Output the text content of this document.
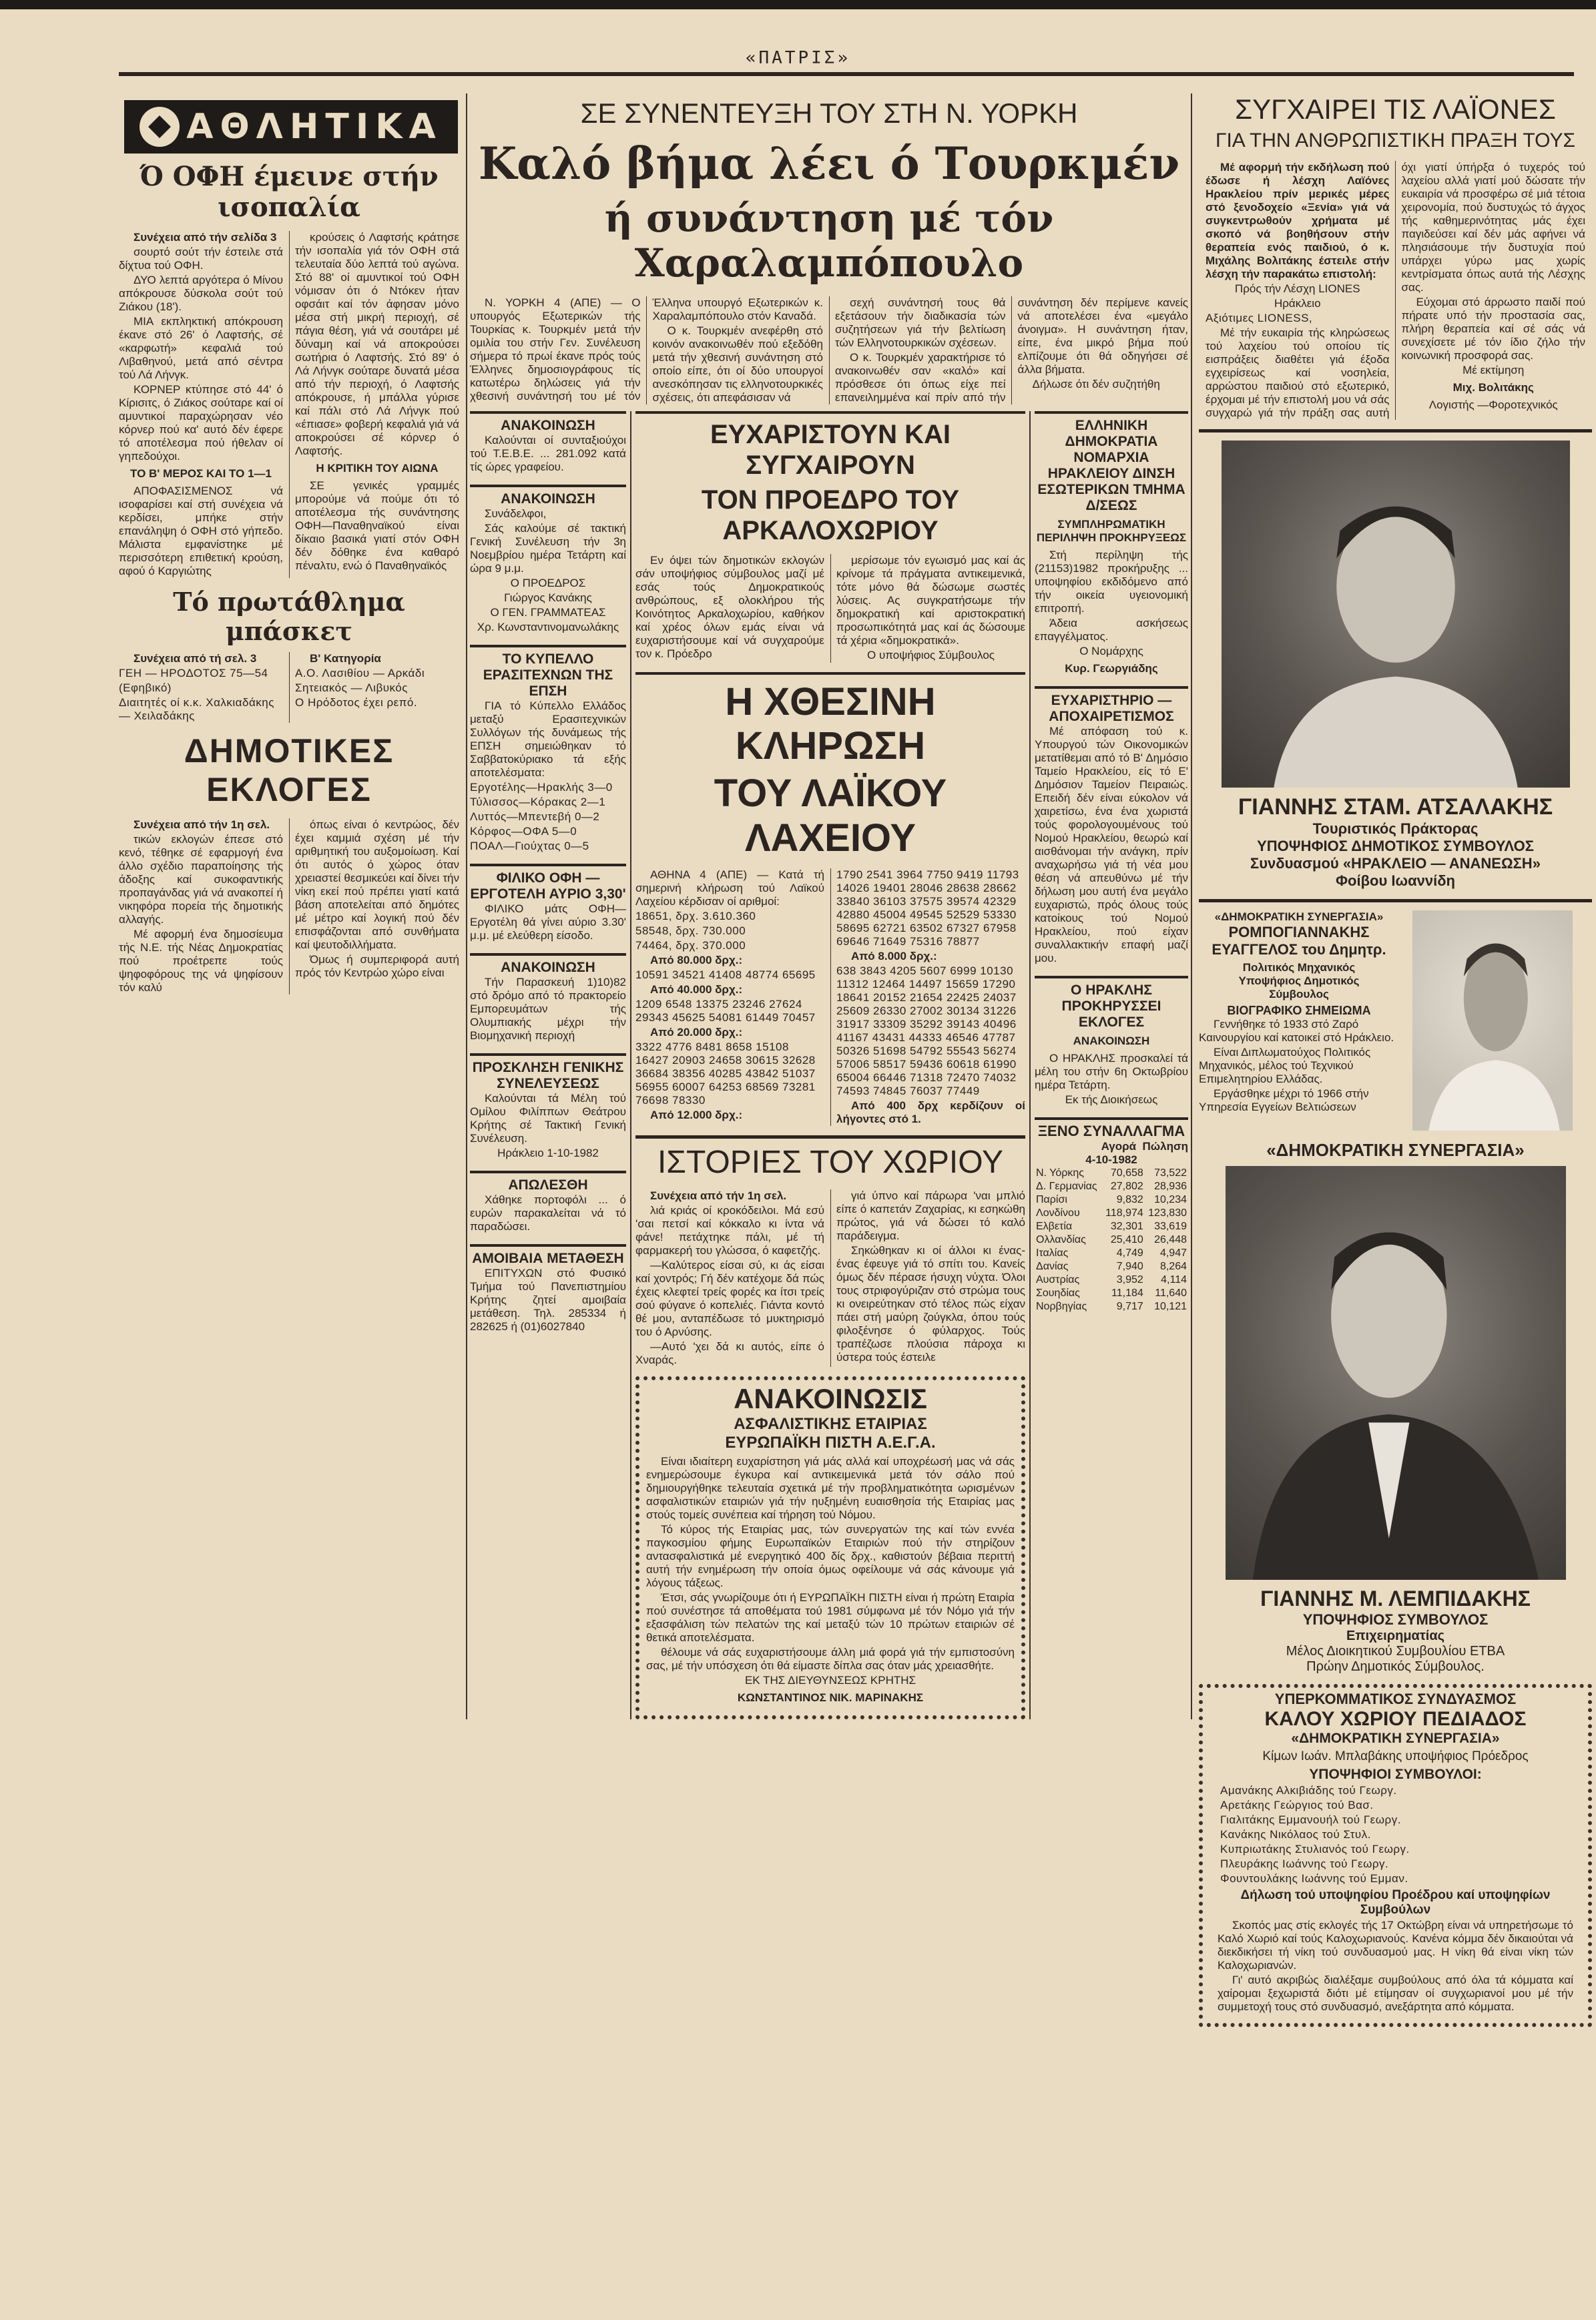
«ΠΑΤΡΙΣ»
ΑΘΛΗΤΙΚΑ
Ό ΟΦΗ έμεινε στήν ισοπαλία

Συνέχεια από τήν σελίδα 3

σουρτό σούτ τήν έστειλε στά δίχτυα τού ΟΦΗ.

ΔΥΟ λεπτά αργότερα ό Μίνου απόκρουσε δύσκολα σούτ τού Ζιάκου (18').

ΜΙΑ εκπληκτική απόκρουση έκανε στό 26' ό Λαφτσής, σέ «καρφωτή» κεφαλιά τού Λιβαθηνού, μετά από σέντρα τού Λά Λήνγκ.

ΚΟΡΝΕΡ κτύπησε στό 44' ό Κίρισιτς, ό Ζιάκος σούταρε καί οί αμυντικοί παραχώρησαν νέο κόρνερ πού κα' αυτό δέν έφερε τό αποτέλεσμα πού ήθελαν οί γηπεδούχοι.

ΤΟ Β' ΜΕΡΟΣ ΚΑΙ ΤΟ 1—1

ΑΠΟΦΑΣΙΣΜΕΝΟΣ νά ισοφαρίσει καί στή συνέχεια νά κερδίσει, μπήκε στήν επανάληψη ό ΟΦΗ στό γήπεδο. Μάλιστα εμφανίστηκε μέ περισσότερη επιθετική κρούση, αφού ό Καργιώτης

κρούσεις ό Λαφτσής κράτησε τήν ισοπαλία γιά τόν ΟΦΗ στά τελευταία δύο λεπτά τού αγώνα. Στό 88' οί αμυντικοί τού ΟΦΗ νόμισαν ότι ό Ντόκεν ήταν οφσάιτ καί τόν άφησαν μόνο μέσα στή μικρή περιοχή, σέ πάγια θέση, γιά νά σουτάρει μέ δύναμη καί νά αποκρούσει σωτήρια ό Λαφτσής. Στό 89' ό Λά Λήνγκ σούταρε δυνατά μέσα από τήν περιοχή, ό Λαφτσής απόκρουσε, ή μπάλλα γύρισε καί πάλι στό Λά Λήνγκ πού «έπιασε» φοβερή κεφαλιά γιά νά αποκρούσει σέ κόρνερ ό Λαφτσής.

Η ΚΡΙΤΙΚΗ ΤΟΥ ΑΙΩΝΑ

ΣΕ γενικές γραμμές μπορούμε νά πούμε ότι τό αποτέλεσμα τής συνάντησης ΟΦΗ—Παναθηναϊκού είναι δίκαιο βασικά γιατί στόν ΟΦΗ δέν δόθηκε ένα καθαρό πέναλτυ, ενώ ό Παναθηναϊκός

Τό πρωτάθλημα μπάσκετ

Συνέχεια από τή σελ. 3

ΓΕΗ — ΗΡΟΔΟΤΟΣ 75—54

(Εφηβικό)

Διαιτητές οί κ.κ. Χαλκιαδάκης — Χειλαδάκης

Β' Κατηγορία

Α.Ο. Λασιθίου — Αρκάδι

Σητειακός — Λιβυκός

Ο Ηρόδοτος έχει ρεπό.

ΔΗΜΟΤΙΚΕΣ ΕΚΛΟΓΕΣ

Συνέχεια από τήν 1η σελ.

τικών εκλογών έπεσε στό κενό, τέθηκε σέ εφαρμογή ένα άλλο σχέδιο παραποίησης τής άδοξης καί συκοφαντικής προπαγάνδας γιά νά ανακοπεί ή νικηφόρα πορεία τής δημοτικής αλλαγής.

Μέ αφορμή ένα δημοσίευμα τής Ν.Ε. τής Νέας Δημοκρατίας πού προέτρεπε τούς ψηφοφόρους της νά ψηφίσουν τόν καλύ

όπως είναι ό κεντρώος, δέν έχει καμμιά σχέση μέ τήν αριθμητική του αυξομοίωση. Καί ότι αυτός ό χώρος όταν χρειαστεί θεσμικεύει καί δίνει τήν νίκη εκεί πού πρέπει γιατί κατά βάση αποτελείται από δημότες μέ μέτρο καί λογική πού δέν επισφάζονται από συνθήματα καί ψευτοδιλλήματα.

Όμως ή συμπεριφορά αυτή πρός τόν Κεντρώο χώρο είναι

ΣΕ ΣΥΝΕΝΤΕΥΞΗ ΤΟΥ ΣΤΗ Ν. ΥΟΡΚΗ
Καλό βήμα λέει ό Τουρκμέν
ή συνάντηση μέ τόν Χαραλαμπόπουλο

Ν. ΥΟΡΚΗ 4 (ΑΠΕ) — Ο υπουργός Εξωτερικών τής Τουρκίας κ. Τουρκμέν μετά τήν ομιλία του στήν Γεν. Συνέλευση σήμερα τό πρωί έκανε πρός τούς Έλληνες δημοσιογράφους τίς κατωτέρω δηλώσεις γιά τήν χθεσινή συνάντησή του μέ τόν Έλληνα υπουργό Εξωτερικών κ. Χαραλαμπόπουλο στόν Καναδά.

Ο κ. Τουρκμέν ανεφέρθη στό κοινόν ανακοινωθέν πού εξεδόθη μετά τήν χθεσινή συνάντηση στό οποίο είπε, ότι οί δύο υπουργοί ανεσκόπησαν τις ελληνοτουρκικές σχέσεις, ότι απεφάσισαν νά

σεχή συνάντησή τους θά εξετάσουν τήν διαδικασία τών συζητήσεων γιά τήν βελτίωση τών Ελληνοτουρκικών σχέσεων.

Ο κ. Τουρκμέν χαρακτήρισε τό ανακοινωθέν σαν «καλό» καί πρόσθεσε ότι όπως είχε πεί επανειλημμένα καί πρίν από τήν συνάντηση δέν περίμενε κανείς νά αποτελέσει ένα «μεγάλο άνοιγμα». Η συνάντηση ήταν, είπε, ένα μικρό βήμα πού ελπίζουμε ότι θά οδηγήσει σέ άλλα βήματα.

Δήλωσε ότι δέν συζητήθη

ΑΝΑΚΟΙΝΩΣΗ

Καλούνται οί συνταξιούχοι τού Τ.Ε.Β.Ε. ... 281.092 κατά τίς ώρες γραφείου.

ΑΝΑΚΟΙΝΩΣΗ

Συνάδελφοι,

Σάς καλούμε σέ τακτική Γενική Συνέλευση τήν 3η Νοεμβρίου ημέρα Τετάρτη καί ώρα 9 μ.μ.

Ο ΠΡΟΕΔΡΟΣ

Γιώργος Κανάκης

Ο ΓΕΝ. ΓΡΑΜΜΑΤΕΑΣ

Χρ. Κωνσταντινομανωλάκης

ΤΟ ΚΥΠΕΛΛΟ ΕΡΑΣΙΤΕΧΝΩΝ ΤΗΣ ΕΠΣΗ

ΓΙΑ τό Κύπελλο Ελλάδος μεταξύ Ερασιτεχνικών Συλλόγων τής δυνάμεως τής ΕΠΣΗ σημειώθηκαν τό Σαββατοκύριακο τά εξής αποτελέσματα:

Εργοτέλης—Ηρακλής 3—0

Τύλισσος—Κόρακας 2—1

Λυττός—Μπεντεβή 0—2

Κόρφος—ΟΦΑ 5—0

ΠΟΑΛ—Γιούχτας 0—5

ΦΙΛΙΚΟ ΟΦΗ — ΕΡΓΟΤΕΛΗ ΑΥΡΙΟ 3,30'

ΦΙΛΙΚΟ μάτς ΟΦΗ—Εργοτέλη θά γίνει αύριο 3.30' μ.μ. μέ ελεύθερη είσοδο.

ΑΝΑΚΟΙΝΩΣΗ

Τήν Παρασκευή 1)10)82 στό δρόμο από τό πρακτορείο Εμπορευμάτων τής Ολυμπιακής μέχρι τήν Βιομηχανική περιοχή

ΠΡΟΣΚΛΗΣΗ ΓΕΝΙΚΗΣ ΣΥΝΕΛΕΥΣΕΩΣ

Καλούνται τά Μέλη τού Ομίλου Φιλίππων Θεάτρου Κρήτης σέ Τακτική Γενική Συνέλευση.

Ηράκλειο 1-10-1982

ΑΠΩΛΕΣΘΗ

Χάθηκε πορτοφόλι ... ό ευρών παρακαλείται νά τό παραδώσει.

ΑΜΟΙΒΑΙΑ ΜΕΤΑΘΕΣΗ

ΕΠΙΤΥΧΩΝ στό Φυσικό Τμήμα τού Πανεπιστημίου Κρήτης ζητεί αμοιβαία μετάθεση. Τηλ. 285334 ή 282625 ή (01)6027840

ΕΥΧΑΡΙΣΤΟΥΝ ΚΑΙ ΣΥΓΧΑΙΡΟΥΝ
ΤΟΝ ΠΡΟΕΔΡΟ ΤΟΥ ΑΡΚΑΛΟΧΩΡΙΟΥ

Εν όψει τών δημοτικών εκλογών σάν υποψήφιος σύμβουλος μαζί μέ εσάς τούς Δημοκρατικούς ανθρώπους, εξ ολοκλήρου τής Κοινότητος Αρκαλοχωρίου, καθήκον καί χρέος όλων εμάς είναι νά ευχαριστήσουμε καί νά συγχαρούμε τον κ. Πρόεδρο

μερίσωμε τόν εγωισμό μας καί άς κρίνομε τά πράγματα αντικειμενικά, τότε μόνο θά δώσωμε σωστές λύσεις. Ας συγκρατήσωμε τήν δημοκρατική καί αριστοκρατική προσωπικότητά μας καί άς δώσουμε τά χέρια «δημοκρατικά».

Ο υποψήφιος Σύμβουλος

Η ΧΘΕΣΙΝΗ ΚΛΗΡΩΣΗ
ΤΟΥ ΛΑΪΚΟΥ ΛΑΧΕΙΟΥ

ΑΘΗΝΑ 4 (ΑΠΕ) — Κατά τή σημερινή κλήρωση τού Λαϊκού Λαχείου κέρδισαν οί αριθμοί:

18651, δρχ. 3.610.360

58548, δρχ. 730.000

74464, δρχ. 370.000

Από 80.000 δρχ.:

10591 34521 41408 48774 65695

Από 40.000 δρχ.:

1209 6548 13375 23246 27624 29343 45625 54081 61449 70457

Από 20.000 δρχ.:

3322 4776 8481 8658 15108 16427 20903 24658 30615 32628 36684 38356 40285 43842 51037 56955 60007 64253 68569 73281 76698 78330

Από 12.000 δρχ.:

1790 2541 3964 7750 9419 11793 14026 19401 28046 28638 28662 33840 36103 37575 39574 42329 42880 45004 49545 52529 53330 58695 62721 63502 67327 67958 69646 71649 75316 78877

Από 8.000 δρχ.:

638 3843 4205 5607 6999 10130 11312 12464 14497 15659 17290 18641 20152 21654 22425 24037 25609 26330 27002 30134 31226 31917 33309 35292 39143 40496 41167 43431 44333 46546 47787 50326 51698 54792 55543 56274 57006 58517 59436 60618 61990 65004 66446 71318 72470 74032 74593 74845 76037 77449

Από 400 δρχ κερδίζουν οί λήγοντες στό 1.

ΙΣΤΟΡΙΕΣ ΤΟΥ ΧΩΡΙΟΥ

Συνέχεια από τήν 1η σελ.

λιά κριάς οί κροκόδειλοι. Μά εσύ 'σαι πετσί καί κόκκαλο κι ίντα νά φάνε! πετάχτηκε πάλι, μέ τή φαρμακερή του γλώσσα, ό καφετζής.

—Καλύτερος είσαι σύ, κι άς είσαι καί χοντρός; Γή δέν κατέχομε δά πώς έχεις κλεφτεί τρείς φορές κα ίτσι τρείς σού φύγανε ό κοπελιές. Γιάντα κοντό θέ μου, ανταπέδωσε τό μυκτηρισμό του ό Αρνύσης.

—Αυτό 'χει δά κι αυτός, είπε ό Χναράς.

γιά ύπνο καί πάρωρα 'ναι μπλιό είπε ό καπετάν Ζαχαρίας, κι εσηκώθη πρώτος, γιά νά δώσει τό καλό παράδειγμα.

Σηκώθηκαν κι οί άλλοι κι ένας-ένας έφευγε γιά τό σπίτι του. Κανείς όμως δέν πέρασε ήσυχη νύχτα. Όλοι τους στριφογύριζαν στό στρώμα τους κι ονειρεύτηκαν στό τέλος πώς είχαν πάει στή μαύρη ζούγκλα, όπου τούς φιλοξένησε ό φύλαρχος. Τούς τραπέζωσε πλούσια πάροχα κι ύστερα τούς έστειλε

ΑΝΑΚΟΙΝΩΣΙΣ
ΑΣΦΑΛΙΣΤΙΚΗΣ ΕΤΑΙΡΙΑΣ
ΕΥΡΩΠΑΪΚΗ ΠΙΣΤΗ Α.Ε.Γ.Α.

Είναι ιδιαίτερη ευχαρίστηση γιά μάς αλλά καί υποχρέωσή μας νά σάς ενημερώσουμε έγκυρα καί αντικειμενικά μετά τόν σάλο πού δημιουργήθηκε τελευταία σχετικά μέ τήν προβληματικότητα ωρισμένων ασφαλιστικών εταιριών γιά τήν ηυξημένη ευαισθησία τής Εταιρίας μας στούς τομείς συνέπεια καί τήρηση τού Νόμου.

Τό κύρος τής Εταιρίας μας, τών συνεργατών της καί τών εννέα παγκοσμίου φήμης Ευρωπαϊκών Εταιριών πού τήν στηρίζουν αντασφαλιστικά μέ ενεργητικό 400 δίς δρχ., καθιστούν βέβαια περιττή αυτή τήν ενημέρωση τήν οποία όμως οφείλουμε νά σάς κάνουμε γιά λόγους τάξεως.

Έτσι, σάς γνωρίζουμε ότι ή ΕΥΡΩΠΑΪΚΗ ΠΙΣΤΗ είναι ή πρώτη Εταιρία πού συνέστησε τά αποθέματα τού 1981 σύμφωνα μέ τόν Νόμο γιά τήν εξασφάλιση τών πελατών της καί μεταξύ τών 10 πρώτων εταιριών σέ θετικά αποτελέσματα.

θέλουμε νά σάς ευχαριστήσουμε άλλη μιά φορά γιά τήν εμπιστοσύνη σας, μέ τήν υπόσχεση ότι θά είμαστε δίπλα σας όταν μάς χρειασθήτε.

ΕΚ ΤΗΣ ΔΙΕΥΘΥΝΣΕΩΣ ΚΡΗΤΗΣ

ΚΩΝΣΤΑΝΤΙΝΟΣ ΝΙΚ. ΜΑΡΙΝΑΚΗΣ

ΕΛΛΗΝΙΚΗ ΔΗΜΟΚΡΑΤΙΑ ΝΟΜΑΡΧΙΑ ΗΡΑΚΛΕΙΟΥ ΔΙΝΣΗ ΕΣΩΤΕΡΙΚΩΝ ΤΜΗΜΑ Δ/ΣΕΩΣ

ΣΥΜΠΛΗΡΩΜΑΤΙΚΗ ΠΕΡΙΛΗΨΗ ΠΡΟΚΗΡΥΞΕΩΣ

Στή περίληψη τής (21153)1982 προκήρυξης ... υποψηφίου εκδιδόμενο από τήν οικεία υγειονομική επιτροπή.

Άδεια ασκήσεως επαγγέλματος.

Ο Νομάρχης

Κυρ. Γεωργιάδης

ΕΥΧΑΡΙΣΤΗΡΙΟ — ΑΠΟΧΑΙΡΕΤΙΣΜΟΣ

Μέ απόφαση τού κ. Υπουργού τών Οικονομικών μετατίθεμαι από τό Β' Δημόσιο Ταμείο Ηρακλείου, είς τό Ε' Δημόσιον Ταμείον Πειραιώς. Επειδή δέν είναι εύκολον νά χαιρετίσω, ένα ένα χωριστά τούς φορολογουμένους τού Νομού Ηρακλείου, θεωρώ καί αισθάνομαι τήν ανάγκη, πρίν αναχωρήσω γιά τή νέα μου θέση νά απευθύνω μέ τήν δήλωση μου αυτή ένα μεγάλο ευχαριστώ, πρός όλους τούς κατοίκους τού Νομού Ηρακλείου, πού είχαν συναλλακτικήν επαφή μαζί μου.

Ο ΗΡΑΚΛΗΣ ΠΡΟΚΗΡΥΣΣΕΙ ΕΚΛΟΓΕΣ

ΑΝΑΚΟΙΝΩΣΗ

Ο ΗΡΑΚΛΗΣ προσκαλεί τά μέλη του στήν 6η Οκτωβρίου ημέρα Τετάρτη.

Εκ τής Διοικήσεως

ΞΕΝΟ ΣΥΝΑΛΛΑΓΜΑ
Αγορά Πώληση
4-10-1982
Ν. Υόρκης	70,658	73,522
Δ. Γερμανίας	27,802	28,936
Παρίσι	9,832	10,234
Λονδίνου	118,974	123,830
Ελβετία	32,301	33,619
Ολλανδίας	25,410	26,448
Ιταλίας	4,749	4,947
Δανίας	7,940	8,264
Αυστρίας	3,952	4,114
Σουηδίας	11,184	11,640
Νορβηγίας	9,717	10,121
ΣΥΓΧΑΙΡΕΙ ΤΙΣ ΛΑΪΟΝΕΣ
ΓΙΑ ΤΗΝ ΑΝΘΡΩΠΙΣΤΙΚΗ ΠΡΑΞΗ ΤΟΥΣ

Μέ αφορμή τήν εκδήλωση πού έδωσε ή λέσχη Λαϊόνες Ηρακλείου πρίν μερικές μέρες στό ξενοδοχείο «Ξενία» γιά νά συγκεντρωθούν χρήματα μέ σκοπό νά βοηθήσουν στήν θεραπεία ενός παιδιού, ό κ. Μιχάλης Βολιτάκης έστειλε στήν λέσχη τήν παρακάτω επιστολή:

Πρός τήν Λέσχη LIONES

Ηράκλειο

Αξιότιμες LIONESS,

Μέ τήν ευκαιρία τής κληρώσεως τού λαχείου τού οποίου τίς εισπράξεις διαθέτει γιά έξοδα εγχειρίσεως καί νοσηλεία, αρρώστου παιδιού στό εξωτερικό, έρχομαι μέ τήν επιστολή μου νά σάς συγχαρώ γιά τήν πράξη σας αυτή όχι γιατί ύπήρξα ό τυχερός τού λαχείου αλλά γιατί μού δώσατε τήν ευκαιρία νά προσφέρω σέ μιά τέτοια χειρονομία, πού δυστυχώς τό άγχος τής καθημερινότητας μάς έχει παγιδεύσει καί δέν μάς αφήνει νά πλησιάσουμε τήν δυστυχία πού υπάρχει γύρω μας χωρίς κεντρίσματα όπως αυτά τής Λέσχης σας.

Εύχομαι στό άρρωστο παιδί πού πήρατε υπό τήν προστασία σας, πλήρη θεραπεία καί σέ σάς νά συνεχίσετε μέ τόν ίδιο ζήλο τήν κοινωνική προσφορά σας.

Μέ εκτίμηση

Μιχ. Βολιτάκης

Λογιστής —Φοροτεχνικός

ΓΙΑΝΝΗΣ ΣΤΑΜ. ΑΤΣΑΛΑΚΗΣ
Τουριστικός Πράκτορας
ΥΠΟΨΗΦΙΟΣ ΔΗΜΟΤΙΚΟΣ ΣΥΜΒΟΥΛΟΣ
Συνδυασμού «ΗΡΑΚΛΕΙΟ — ΑΝΑΝΕΩΣΗ»
Φοίβου Ιωαννίδη
«ΔΗΜΟΚΡΑΤΙΚΗ ΣΥΝΕΡΓΑΣΙΑ»
ΡΟΜΠΟΓΙΑΝΝΑΚΗΣ
ΕΥΑΓΓΕΛΟΣ του Δημητρ.
Πολιτικός Μηχανικός
Υποψήφιος Δημοτικός
Σύμβουλος
ΒΙΟΓΡΑΦΙΚΟ ΣΗΜΕΙΩΜΑ

Γεννήθηκε τό 1933 στό Ζαρό Καινουργίου καί κατοικεί στό Ηράκλειο.

Είναι Διπλωματούχος Πολιτικός Μηχανικός, μέλος τού Τεχνικού Επιμελητηρίου Ελλάδας.

Εργάσθηκε μέχρι τό 1966 στήν Υπηρεσία Εγγείων Βελτιώσεων

«ΔΗΜΟΚΡΑΤΙΚΗ ΣΥΝΕΡΓΑΣΙΑ»
ΓΙΑΝΝΗΣ Μ. ΛΕΜΠΙΔΑΚΗΣ
ΥΠΟΨΗΦΙΟΣ ΣΥΜΒΟΥΛΟΣ
Επιχειρηματίας
Μέλος Διοικητικού Συμβουλίου ΕΤΒΑ
Πρώην Δημοτικός Σύμβουλος.
ΥΠΕΡΚΟΜΜΑΤΙΚΟΣ ΣΥΝΔΥΑΣΜΟΣ
ΚΑΛΟΥ ΧΩΡΙΟΥ ΠΕΔΙΑΔΟΣ
«ΔΗΜΟΚΡΑΤΙΚΗ ΣΥΝΕΡΓΑΣΙΑ»
Κίμων Ιωάν. Μπλαβάκης υποψήφιος Πρόεδρος
ΥΠΟΨΗΦΙΟΙ ΣΥΜΒΟΥΛΟΙ:

Αμανάκης Αλκιβιάδης τού Γεωργ.

Αρετάκης Γεώργιος τού Βασ.

Γιαλιτάκης Εμμανουήλ τού Γεωργ.

Κανάκης Νικόλαος τού Στυλ.

Κυπριωτάκης Στυλιανός τού Γεωργ.

Πλευράκης Ιωάννης τού Γεωργ.

Φουντουλάκης Ιωάννης τού Εμμαν.

Δήλωση τού υποψηφίου Προέδρου καί υποψηφίων Συμβούλων

Σκοπός μας στίς εκλογές τής 17 Οκτώβρη είναι νά υπηρετήσωμε τό Καλό Χωριό καί τούς Καλοχωριανούς. Κανένα κόμμα δέν δικαιούται νά διεκδικήσει τή νίκη τού συνδυασμού μας. Η νίκη θά είναι νίκη τών Καλοχωριανών.

Γι' αυτό ακριβώς διαλέξαμε συμβούλους από όλα τά κόμματα καί χαίρομαι ξεχωριστά διότι μέ ετίμησαν οί συγχωριανοί μου μέ τήν συμμετοχή τους στό συνδυασμό, ανεξάρτητα από κόμματα.
